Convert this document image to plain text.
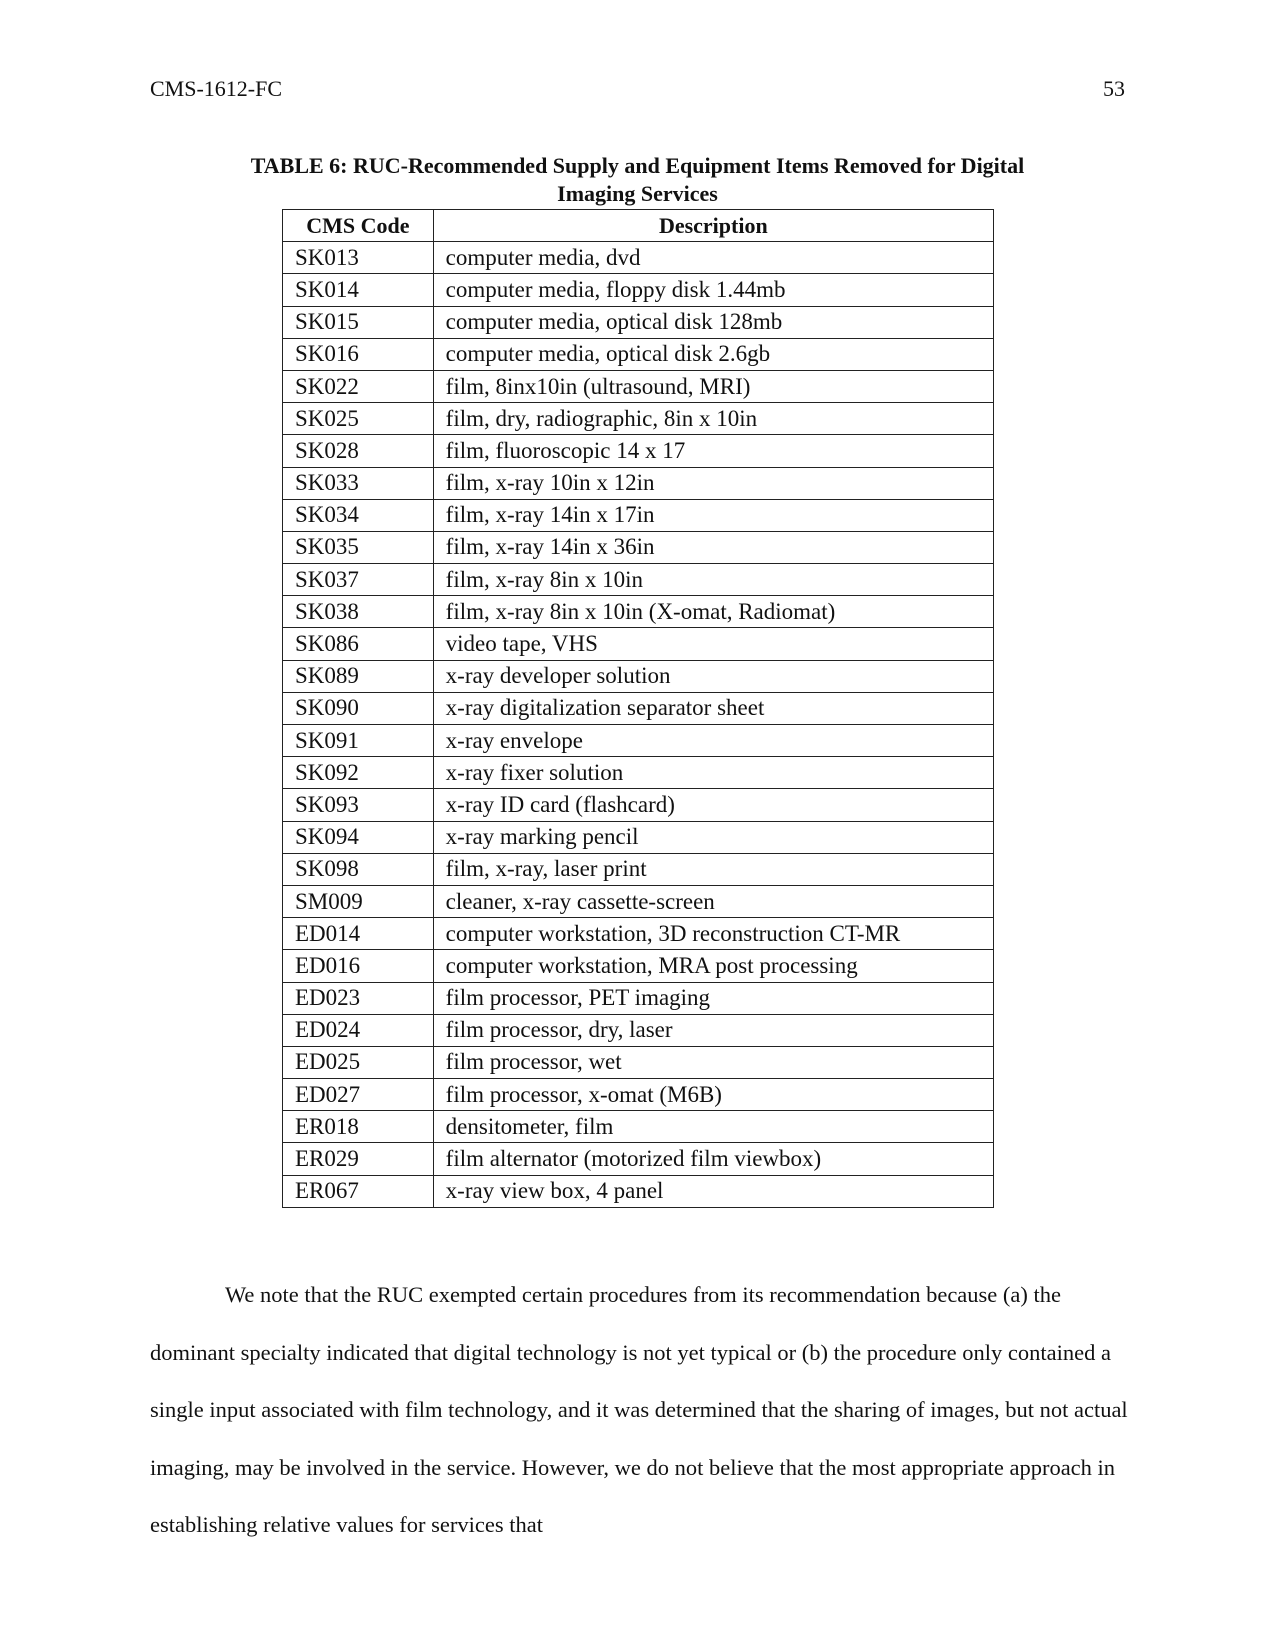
CMS-1612-FC	53
TABLE 6: RUC-Recommended Supply and Equipment Items Removed for Digital
Imaging Services
CMS Code	Description
SK013	computer media, dvd
SK014	computer media, floppy disk 1.44mb
SK015	computer media, optical disk 128mb
SK016	computer media, optical disk 2.6gb
SK022	film, 8inx10in (ultrasound, MRI)
SK025	film, dry, radiographic, 8in x 10in
SK028	film, fluoroscopic 14 x 17
SK033	film, x-ray 10in x 12in
SK034	film, x-ray 14in x 17in
SK035	film, x-ray 14in x 36in
SK037	film, x-ray 8in x 10in
SK038	film, x-ray 8in x 10in (X-omat, Radiomat)
SK086	video tape, VHS
SK089	x-ray developer solution
SK090	x-ray digitalization separator sheet
SK091	x-ray envelope
SK092	x-ray fixer solution
SK093	x-ray ID card (flashcard)
SK094	x-ray marking pencil
SK098	film, x-ray, laser print
SM009	cleaner, x-ray cassette-screen
ED014	computer workstation, 3D reconstruction CT-MR
ED016	computer workstation, MRA post processing
ED023	film processor, PET imaging
ED024	film processor, dry, laser
ED025	film processor, wet
ED027	film processor, x-omat (M6B)
ER018	densitometer, film
ER029	film alternator (motorized film viewbox)
ER067	x-ray view box, 4 panel

We note that the RUC exempted certain procedures from its recommendation because (a) the dominant specialty indicated that digital technology is not yet typical or (b) the procedure only contained a single input associated with film technology, and it was determined that the sharing of images, but not actual imaging, may be involved in the service. However, we do not believe that the most appropriate approach in establishing relative values for services that
